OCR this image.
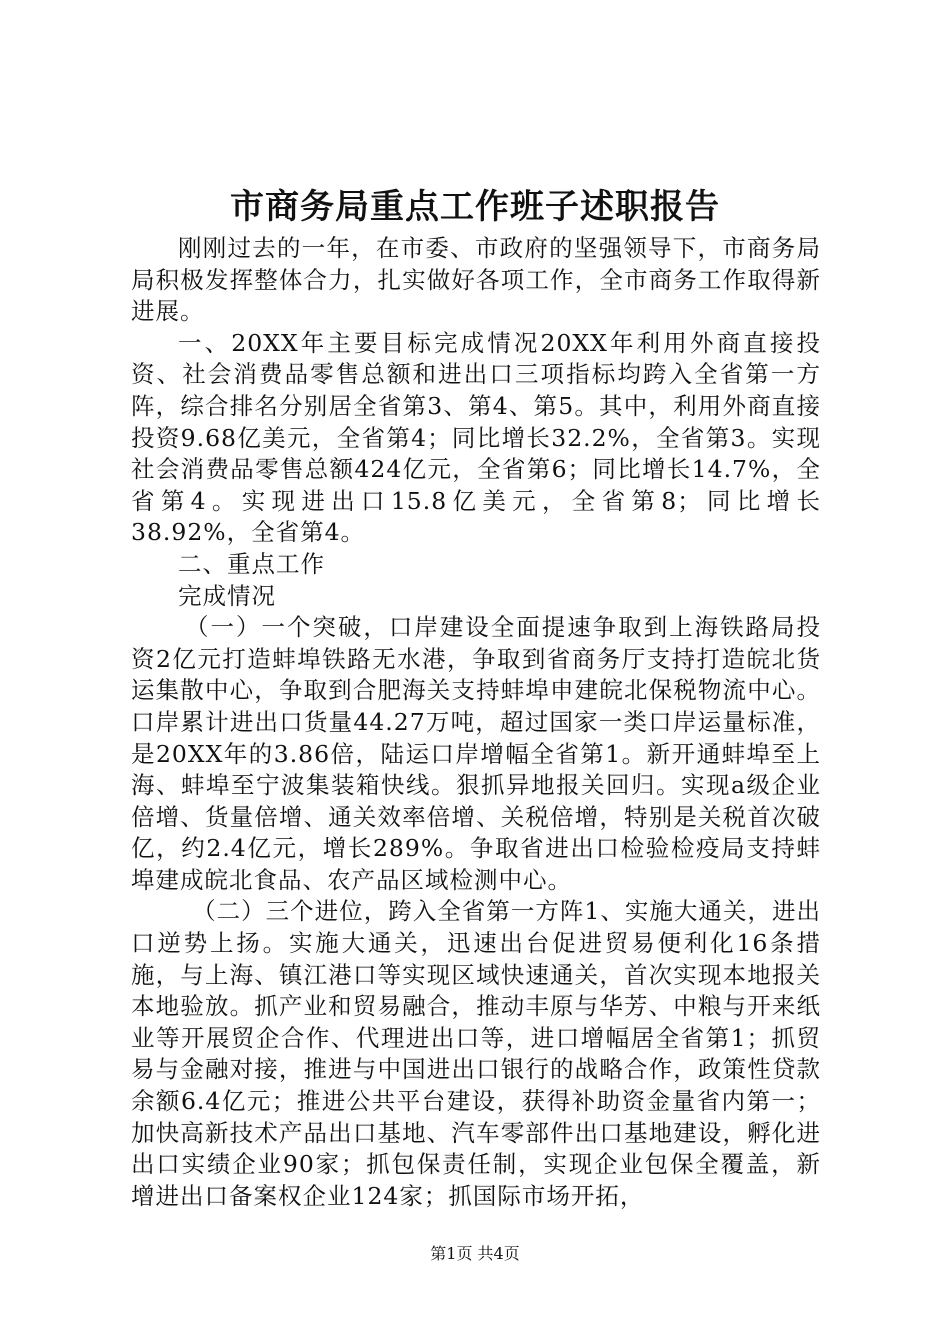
市商务局重点工作班子述职报告

刚刚过去的一年，在市委、市政府的坚强领导下，市商务局局积极发挥整体合力，扎实做好各项工作，全市商务工作取得新进展。

一、20XX年主要目标完成情况20XX年利用外商直接投资、社会消费品零售总额和进出口三项指标均跨入全省第一方阵，综合排名分别居全省第3、第4、第5。其中，利用外商直接投资9.68亿美元，全省第4；同比增长32.2%，全省第3。实现社会消费品零售总额424亿元，全省第6；同比增长14.7%，全省第4。实现进出口15.8亿美元，全省第8；同比增长38.92%，全省第4。

二、重点工作

完成情况

（一）一个突破，口岸建设全面提速争取到上海铁路局投资2亿元打造蚌埠铁路无水港，争取到省商务厅支持打造皖北货运集散中心，争取到合肥海关支持蚌埠申建皖北保税物流中心。口岸累计进出口货量44.27万吨，超过国家一类口岸运量标准，是20XX年的3.86倍，陆运口岸增幅全省第1。新开通蚌埠至上海、蚌埠至宁波集装箱快线。狠抓异地报关回归。实现a级企业倍增、货量倍增、通关效率倍增、关税倍增，特别是关税首次破亿，约2.4亿元，增长289%。争取省进出口检验检疫局支持蚌埠建成皖北食品、农产品区域检测中心。

（二）三个进位，跨入全省第一方阵1、实施大通关，进出口逆势上扬。实施大通关，迅速出台促进贸易便利化16条措施，与上海、镇江港口等实现区域快速通关，首次实现本地报关本地验放。抓产业和贸易融合，推动丰原与华芳、中粮与开来纸业等开展贸企合作、代理进出口等，进口增幅居全省第1；抓贸易与金融对接，推进与中国进出口银行的战略合作，政策性贷款余额6.4亿元；推进公共平台建设，获得补助资金量省内第一；加快高新技术产品出口基地、汽车零部件出口基地建设，孵化进出口实绩企业90家；抓包保责任制，实现企业包保全覆盖，新增进出口备案权企业124家；抓国际市场开拓，

第1页 共4页
